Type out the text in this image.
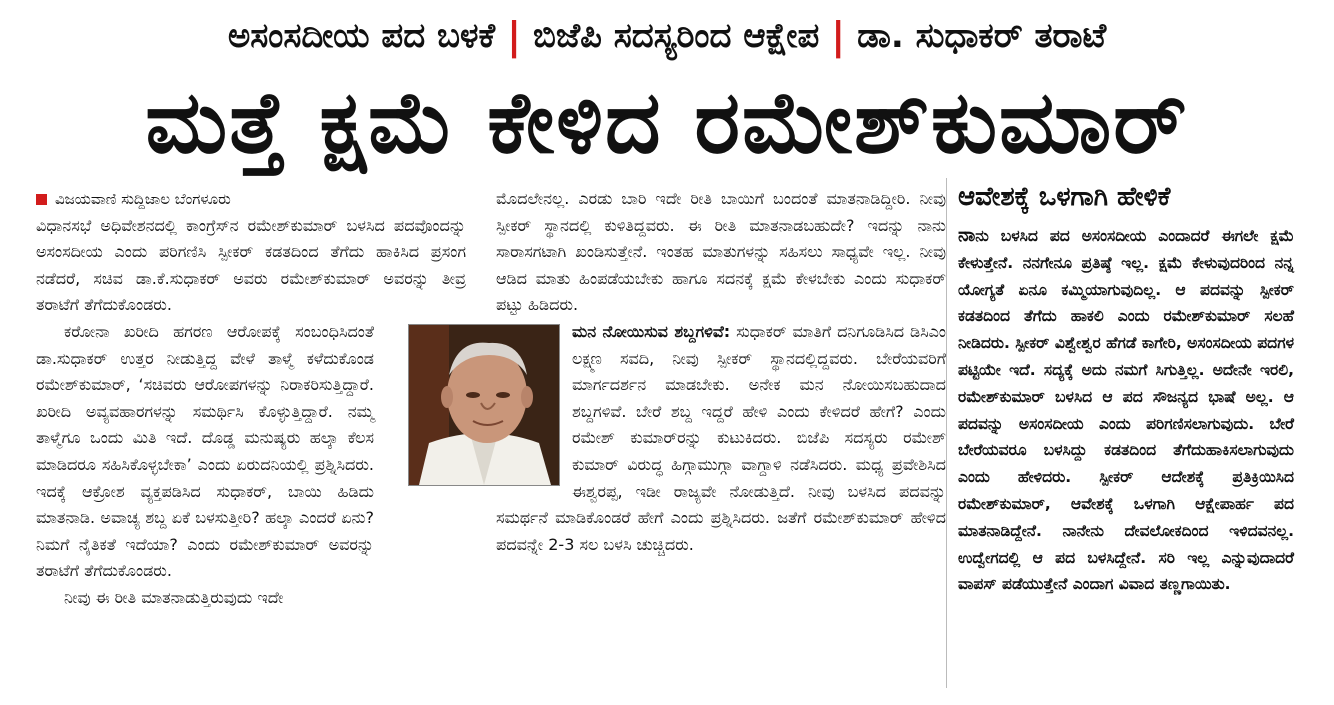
ಅಸಂಸದೀಯ ಪದ ಬಳಕೆ | ಬಿಜೆಪಿ ಸದಸ್ಯರಿಂದ ಆಕ್ಷೇಪ | ಡಾ. ಸುಧಾಕರ್ ತರಾಟೆ
ಮತ್ತೆ ಕ್ಷಮೆ ಕೇಳಿದ ರಮೇಶ್‌ಕುಮಾರ್
ವಿಜಯವಾಣಿ ಸುದ್ದಿಜಾಲ ಬೆಂಗಳೂರು

ವಿಧಾನಸಭೆ ಅಧಿವೇಶನದಲ್ಲಿ ಕಾಂಗ್ರೆಸ್‌ನ ರಮೇಶ್‌ಕುಮಾರ್ ಬಳಸಿದ ಪದವೊಂದನ್ನು ಅಸಂಸದೀಯ ಎಂದು ಪರಿಗಣಿಸಿ ಸ್ಪೀಕರ್ ಕಡತದಿಂದ ತೆಗೆದು ಹಾಕಿಸಿದ ಪ್ರಸಂಗ ನಡೆದರೆ, ಸಚಿವ ಡಾ.ಕೆ.ಸುಧಾಕರ್ ಅವರು ರಮೇಶ್‌ಕುಮಾರ್ ಅವರನ್ನು ತೀವ್ರ ತರಾಟೆಗೆ ತೆಗೆದುಕೊಂಡರು.

ಕರೋನಾ ಖರೀದಿ ಹಗರಣ ಆರೋಪಕ್ಕೆ ಸಂಬಂಧಿಸಿದಂತೆ ಡಾ.ಸುಧಾಕರ್ ಉತ್ತರ ನೀಡುತ್ತಿದ್ದ ವೇಳೆ ತಾಳ್ಮೆ ಕಳೆದುಕೊಂಡ ರಮೇಶ್‌ಕುಮಾರ್, ‘ಸಚಿವರು ಆರೋಪಗಳನ್ನು ನಿರಾಕರಿಸುತ್ತಿದ್ದಾರೆ. ಖರೀದಿ ಅವ್ಯವಹಾರಗಳನ್ನು ಸಮರ್ಥಿಸಿ ಕೊಳ್ಳುತ್ತಿದ್ದಾರೆ. ನಮ್ಮ ತಾಳ್ಮೆಗೂ ಒಂದು ಮಿತಿ ಇದೆ. ದೊಡ್ಡ ಮನುಷ್ಯರು ಹಲ್ಕಾ ಕೆಲಸ ಮಾಡಿದರೂ ಸಹಿಸಿಕೊಳ್ಳಬೇಕಾ’ ಎಂದು ಏರುದನಿಯಲ್ಲಿ ಪ್ರಶ್ನಿಸಿದರು. ಇದಕ್ಕೆ ಆಕ್ರೋಶ ವ್ಯಕ್ತಪಡಿಸಿದ ಸುಧಾಕರ್, ಬಾಯಿ ಹಿಡಿದು ಮಾತನಾಡಿ. ಅವಾಚ್ಯ ಶಬ್ದ ಏಕೆ ಬಳಸುತ್ತೀರಿ? ಹಲ್ಕಾ ಎಂದರೆ ಏನು? ನಿಮಗೆ ನೈತಿಕತೆ ಇದೆಯಾ? ಎಂದು ರಮೇಶ್‌ಕುಮಾರ್ ಅವರನ್ನು ತರಾಟೆಗೆ ತೆಗೆದುಕೊಂಡರು.

ನೀವು ಈ ರೀತಿ ಮಾತನಾಡುತ್ತಿರುವುದು ಇದೇ

ಮೊದಲೇನಲ್ಲ. ಎರಡು ಬಾರಿ ಇದೇ ರೀತಿ ಬಾಯಿಗೆ ಬಂದಂತೆ ಮಾತನಾಡಿದ್ದೀರಿ. ನೀವು ಸ್ಪೀಕರ್ ಸ್ಥಾನದಲ್ಲಿ ಕುಳಿತಿದ್ದವರು. ಈ ರೀತಿ ಮಾತನಾಡಬಹುದೇ? ಇದನ್ನು ನಾನು ಸಾರಾಸಗಟಾಗಿ ಖಂಡಿಸುತ್ತೇನೆ. ಇಂತಹ ಮಾತುಗಳನ್ನು ಸಹಿಸಲು ಸಾಧ್ಯವೇ ಇಲ್ಲ. ನೀವು ಆಡಿದ ಮಾತು ಹಿಂಪಡೆಯಬೇಕು ಹಾಗೂ ಸದನಕ್ಕೆ ಕ್ಷಮೆ ಕೇಳಬೇಕು ಎಂದು ಸುಧಾಕರ್ ಪಟ್ಟು ಹಿಡಿದರು.

ಮನ ನೋಯಿಸುವ ಶಬ್ದಗಳಿವೆ: ಸುಧಾಕರ್ ಮಾತಿಗೆ ದನಿಗೂಡಿಸಿದ ಡಿಸಿಎಂ ಲಕ್ಷ್ಮಣ ಸವದಿ, ನೀವು ಸ್ಪೀಕರ್ ಸ್ಥಾನದಲ್ಲಿದ್ದವರು. ಬೇರೆಯವರಿಗೆ ಮಾರ್ಗದರ್ಶನ ಮಾಡಬೇಕು. ಅನೇಕ ಮನ ನೋಯಿಸಬಹುದಾದ ಶಬ್ದಗಳಿವೆ. ಬೇರೆ ಶಬ್ದ ಇದ್ದರೆ ಹೇಳಿ ಎಂದು ಕೇಳಿದರೆ ಹೇಗೆ? ಎಂದು ರಮೇಶ್ ಕುಮಾರ್‌ರನ್ನು ಕುಟುಕಿದರು. ಬಿಜೆಪಿ ಸದಸ್ಯರು ರಮೇಶ್ ಕುಮಾರ್ ವಿರುದ್ಧ ಹಿಗ್ಗಾಮುಗ್ಗಾ ವಾಗ್ದಾಳಿ ನಡೆಸಿದರು. ಮಧ್ಯ ಪ್ರವೇಶಿಸಿದ ಈಶ್ವರಪ್ಪ, ಇಡೀ ರಾಜ್ಯವೇ ನೋಡುತ್ತಿದೆ. ನೀವು ಬಳಸಿದ ಪದವನ್ನು ಸಮರ್ಥನೆ ಮಾಡಿಕೊಂಡರೆ ಹೇಗೆ ಎಂದು ಪ್ರಶ್ನಿಸಿದರು. ಜತೆಗೆ ರಮೇಶ್‌ಕುಮಾರ್ ಹೇಳಿದ ಪದವನ್ನೇ 2-3 ಸಲ ಬಳಸಿ ಚುಚ್ಚಿದರು.

ಆವೇಶಕ್ಕೆ ಒಳಗಾಗಿ ಹೇಳಿಕೆ

ನಾನು ಬಳಸಿದ ಪದ ಅಸಂಸದೀಯ ಎಂದಾದರೆ ಈಗಲೇ ಕ್ಷಮೆ ಕೇಳುತ್ತೇನೆ. ನನಗೇನೂ ಪ್ರತಿಷ್ಠೆ ಇಲ್ಲ. ಕ್ಷಮೆ ಕೇಳುವುದರಿಂದ ನನ್ನ ಯೋಗ್ಯತೆ ಏನೂ ಕಮ್ಮಿಯಾಗುವುದಿಲ್ಲ. ಆ ಪದವನ್ನು ಸ್ಪೀಕರ್ ಕಡತದಿಂದ ತೆಗೆದು ಹಾಕಲಿ ಎಂದು ರಮೇಶ್‌ಕುಮಾರ್ ಸಲಹೆ ನೀಡಿದರು. ಸ್ಪೀಕರ್ ವಿಶ್ವೇಶ್ವರ ಹೆಗಡೆ ಕಾಗೇರಿ, ಅಸಂಸದೀಯ ಪದಗಳ ಪಟ್ಟಿಯೇ ಇದೆ. ಸದ್ಯಕ್ಕೆ ಅದು ನಮಗೆ ಸಿಗುತ್ತಿಲ್ಲ. ಅದೇನೇ ಇರಲಿ, ರಮೇಶ್‌ಕುಮಾರ್ ಬಳಸಿದ ಆ ಪದ ಸೌಜನ್ಯದ ಭಾಷೆ ಅಲ್ಲ. ಆ ಪದವನ್ನು ಅಸಂಸದೀಯ ಎಂದು ಪರಿಗಣಿಸಲಾಗುವುದು. ಬೇರೆ ಬೇರೆಯವರೂ ಬಳಸಿದ್ದು ಕಡತದಿಂದ ತೆಗೆದುಹಾಕಿಸಲಾಗುವುದು ಎಂದು ಹೇಳಿದರು. ಸ್ಪೀಕರ್ ಆದೇಶಕ್ಕೆ ಪ್ರತಿಕ್ರಿಯಿಸಿದ ರಮೇಶ್‌ಕುಮಾರ್, ಆವೇಶಕ್ಕೆ ಒಳಗಾಗಿ ಆಕ್ಷೇಪಾರ್ಹ ಪದ ಮಾತನಾಡಿದ್ದೇನೆ. ನಾನೇನು ದೇವಲೋಕದಿಂದ ಇಳಿದವನಲ್ಲ. ಉದ್ವೇಗದಲ್ಲಿ ಆ ಪದ ಬಳಸಿದ್ದೇನೆ. ಸರಿ ಇಲ್ಲ ಎನ್ನುವುದಾದರೆ ವಾಪಸ್ ಪಡೆಯುತ್ತೇನೆ ಎಂದಾಗ ವಿವಾದ ತಣ್ಣಗಾಯಿತು.
